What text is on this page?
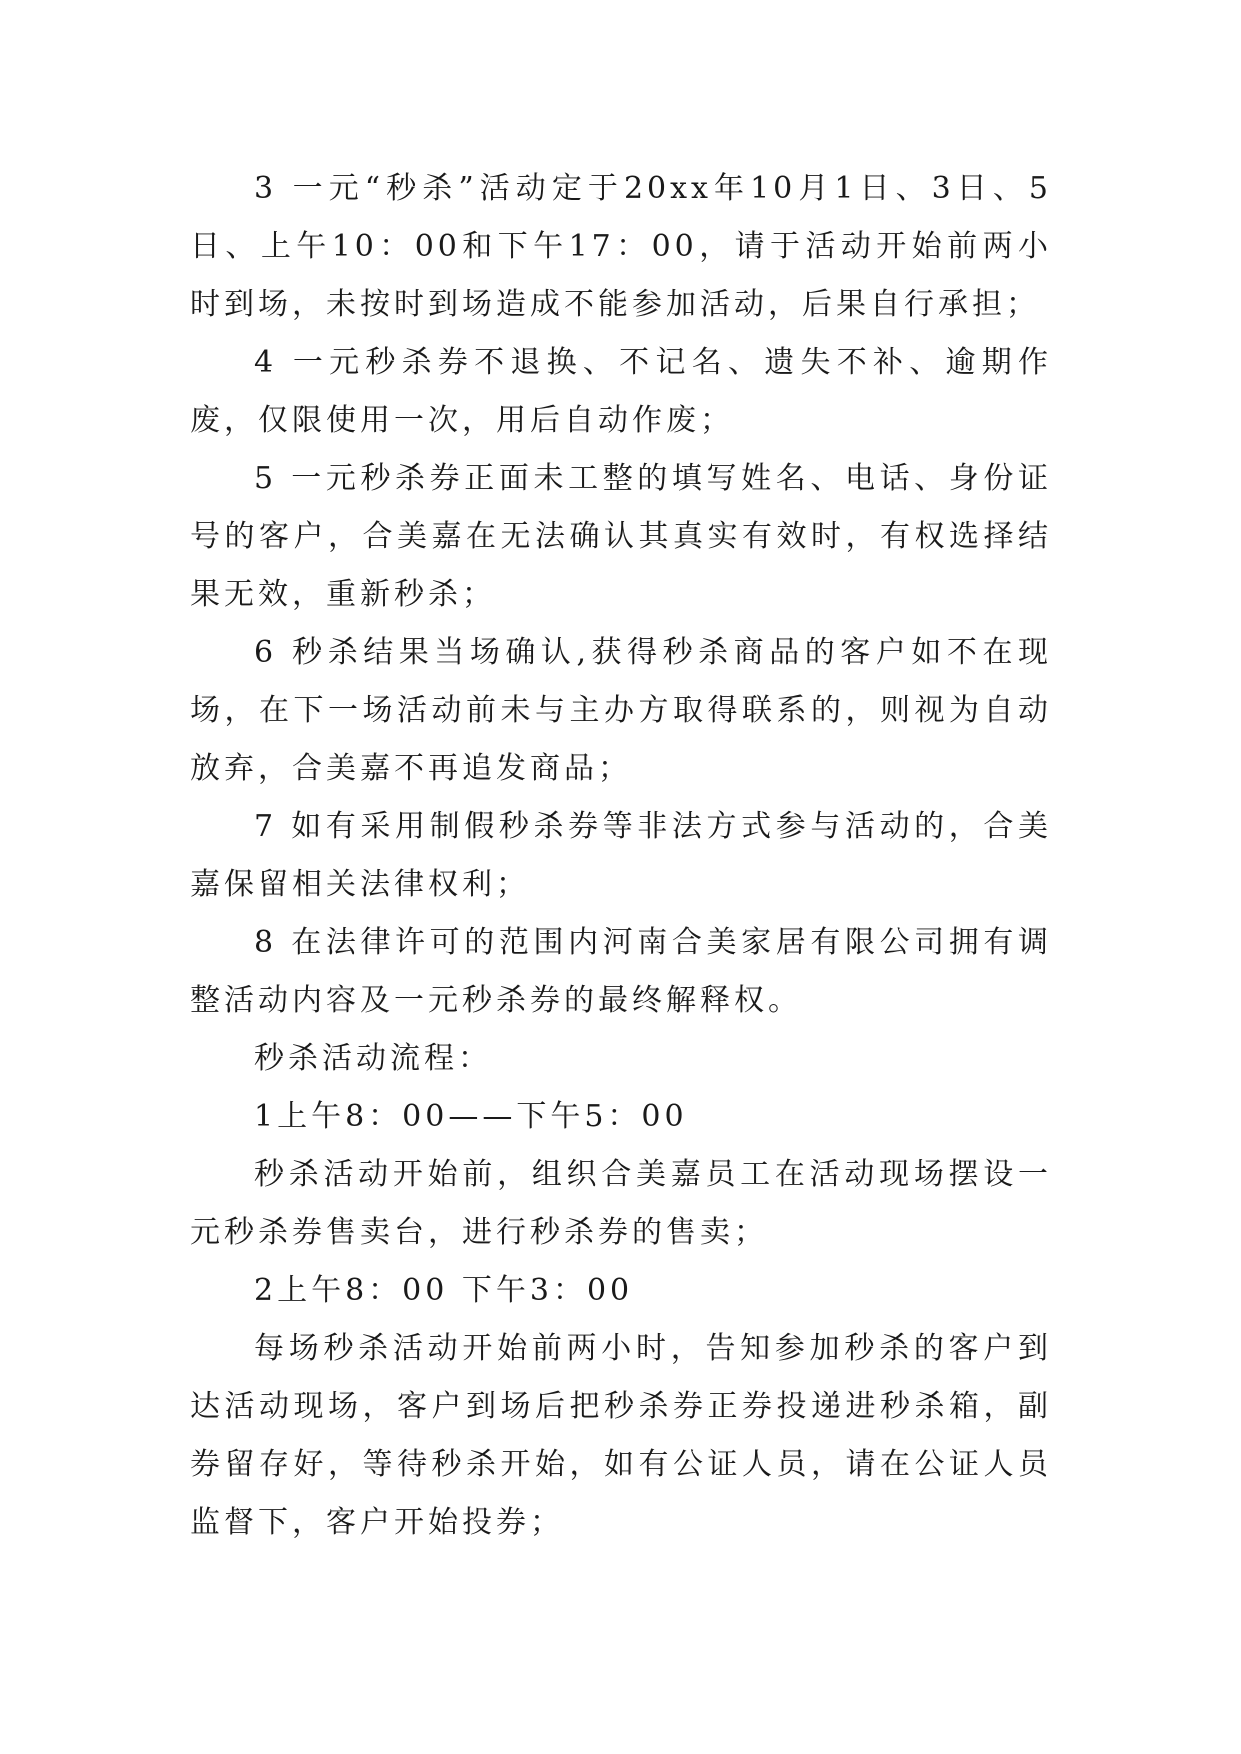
3 一元“秒杀”活动定于20xx年10月1日、3日、5日、上午10：00和下午17：00，请于活动开始前两小时到场，未按时到场造成不能参加活动，后果自行承担；

4 一元秒杀券不退换、不记名、遗失不补、逾期作废，仅限使用一次，用后自动作废；

5 一元秒杀券正面未工整的填写姓名、电话、身份证号的客户，合美嘉在无法确认其真实有效时，有权选择结果无效，重新秒杀；

6 秒杀结果当场确认,获得秒杀商品的客户如不在现场，在下一场活动前未与主办方取得联系的，则视为自动放弃，合美嘉不再追发商品；

7 如有采用制假秒杀券等非法方式参与活动的，合美嘉保留相关法律权利；

8 在法律许可的范围内河南合美家居有限公司拥有调整活动内容及一元秒杀券的最终解释权。

秒杀活动流程：

1上午8：00——下午5：00

秒杀活动开始前，组织合美嘉员工在活动现场摆设一元秒杀券售卖台，进行秒杀券的售卖；

2上午8：00 下午3：00

每场秒杀活动开始前两小时，告知参加秒杀的客户到达活动现场，客户到场后把秒杀券正券投递进秒杀箱，副券留存好，等待秒杀开始，如有公证人员，请在公证人员监督下，客户开始投券；
